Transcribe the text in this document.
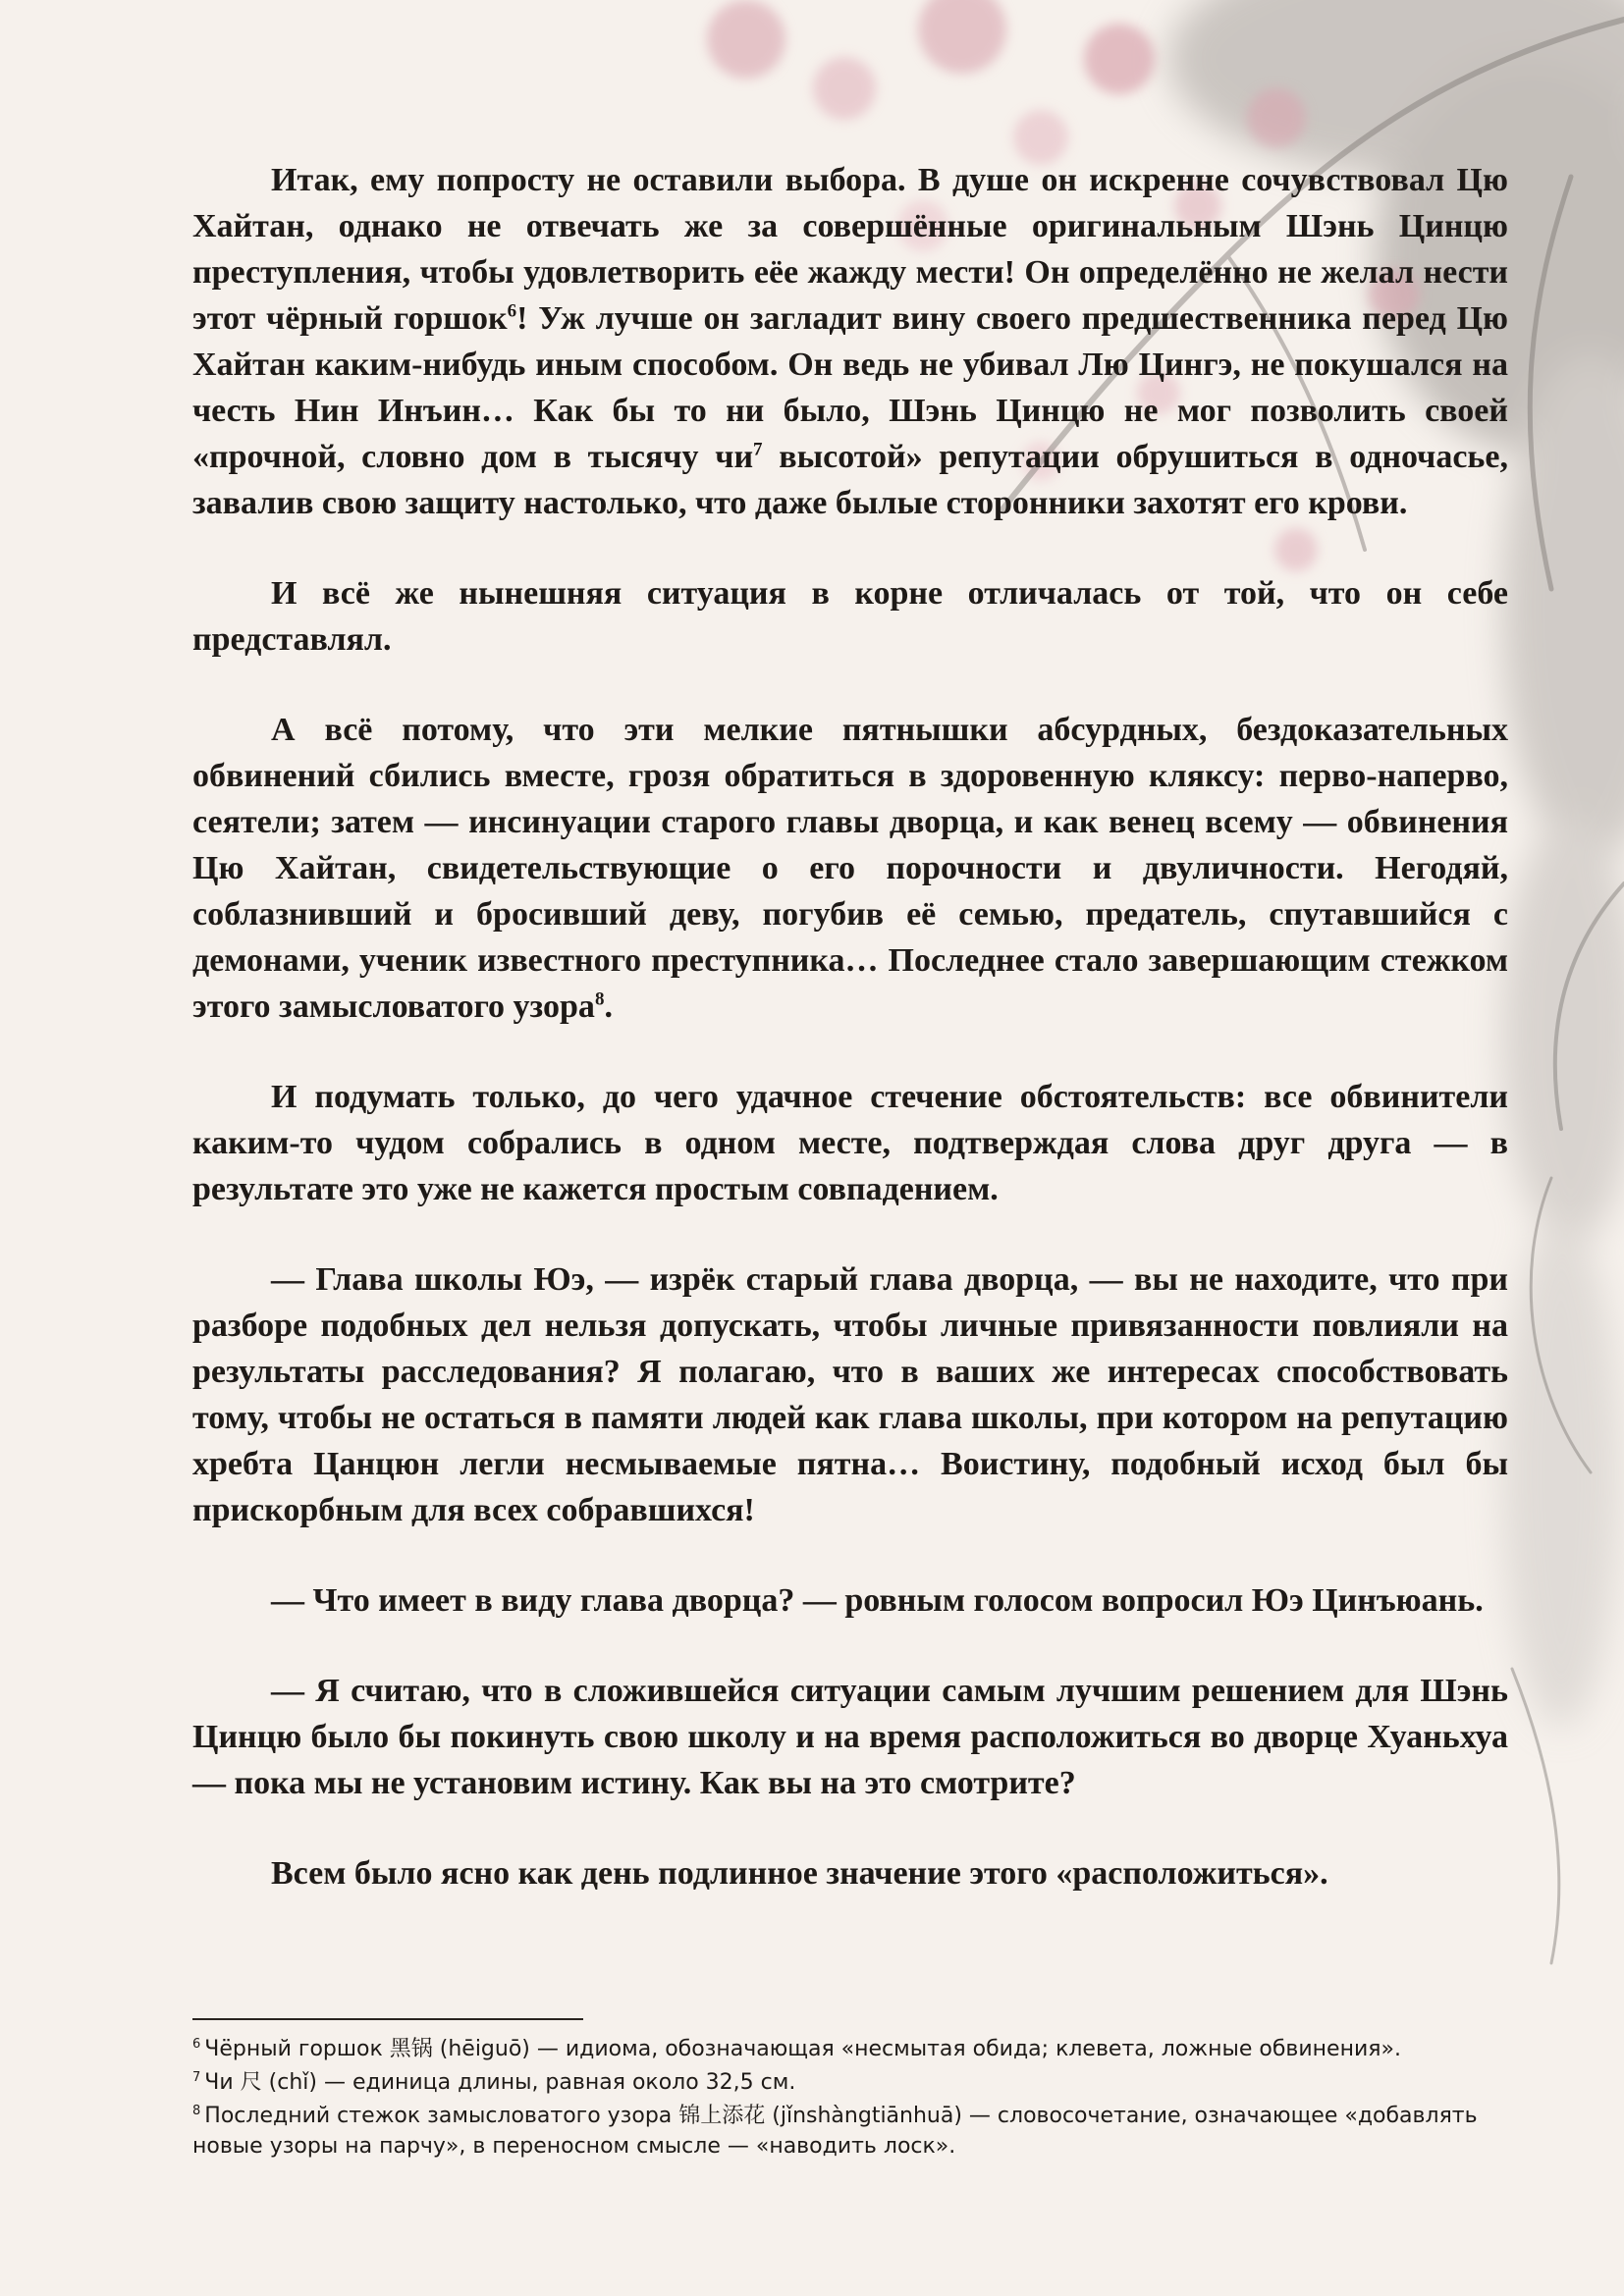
Итак, ему попросту не оставили выбора. В душе он искренне сочувствовал Цю Хайтан, однако не отвечать же за совершённые оригинальным Шэнь Цинцю преступления, чтобы удовлетворить еёе жажду мести! Он определённо не желал нести этот чёрный горшок$^6$! Уж лучше он загладит вину своего предшественника перед Цю Хайтан каким-нибудь иным способом. Он ведь не убивал Лю Цингэ, не покушался на честь Нин Инъин… Как бы то ни было, Шэнь Цинцю не мог позволить своей «прочной, словно дом в тысячу $чи^7$ высотой» репутации обрушиться в одночасье, завалив свою защиту настолько, что даже былые сторонники захотят его крови.

И всё же нынешняя ситуация в корне отличалась от той, что он себе представлял.

А всё потому, что эти мелкие пятнышки абсурдных, бездоказательных обвинений сбились вместе, грозя обратиться в здоровенную кляксу: перво-наперво, сеятели; затем — инсинуации старого главы дворца, и как венец всему — обвинения Цю Хайтан, свидетельствующие о его порочности и двуличности. Негодяй, соблазнивший и бросивший деву, погубив её семью, предатель, спутавшийся с демонами, ученик известного преступника… Последнее стало завершающим стежком этого замысловатого узора$^8$.

И подумать только, до чего удачное стечение обстоятельств: все обвинители каким-то чудом собрались в одном месте, подтверждая слова друг друга — в результате это уже не кажется простым совпадением.

— Глава школы Юэ, — изрёк старый глава дворца, — вы не находите, что при разборе подобных дел нельзя допускать, чтобы личные привязанности повлияли на результаты расследования? Я полагаю, что в ваших же интересах способствовать тому, чтобы не остаться в памяти людей как глава школы, при котором на репутацию хребта Цанцюн легли несмываемые пятна… Воистину, подобный исход был бы прискорбным для всех собравшихся!

— Что имеет в виду глава дворца? — ровным голосом вопросил Юэ Цинъюань.

— Я считаю, что в сложившейся ситуации самым лучшим решением для Шэнь Цинцю было бы покинуть свою школу и на время расположиться во дворце Хуаньхуа — пока мы не установим истину. Как вы на это смотрите?

Всем было ясно как день подлинное значение этого «расположиться».

$^6$ Чёрный горшок 黑锅 (hēiguō) — идиома, обозначающая «несмытая обида; клевета, ложные обвинения».

$^7$ Чи 尺 (chǐ) — единица длины, равная около 32,5 см.

$^8$ Последний стежок замысловатого узора 锦上添花 (jǐnshàngtiānhuā) — словосочетание, означающее «добавлять новые узоры на парчу», в переносном смысле — «наводить лоск».
